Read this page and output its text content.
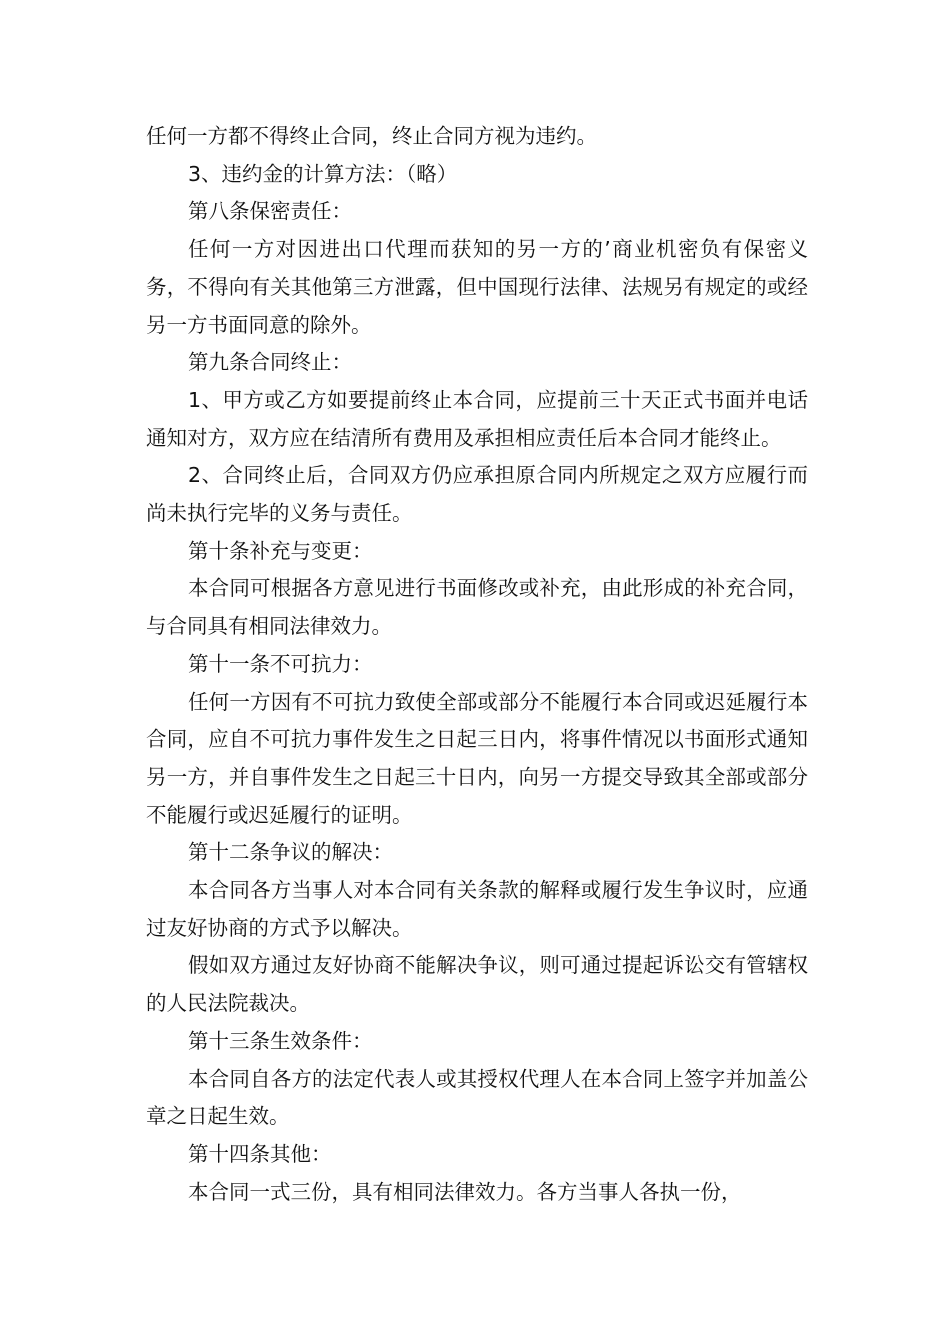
任何一方都不得终止合同，终止合同方视为违约。

3、违约金的计算方法：（略）

第八条保密责任：

任何一方对因进出口代理而获知的另一方的’商业机密负有保密义务，不得向有关其他第三方泄露，但中国现行法律、法规另有规定的或经另一方书面同意的除外。

第九条合同终止：

1、甲方或乙方如要提前终止本合同，应提前三十天正式书面并电话通知对方，双方应在结清所有费用及承担相应责任后本合同才能终止。

2、合同终止后，合同双方仍应承担原合同内所规定之双方应履行而尚未执行完毕的义务与责任。

第十条补充与变更：

本合同可根据各方意见进行书面修改或补充，由此形成的补充合同，与合同具有相同法律效力。

第十一条不可抗力：

任何一方因有不可抗力致使全部或部分不能履行本合同或迟延履行本合同，应自不可抗力事件发生之日起三日内，将事件情况以书面形式通知另一方，并自事件发生之日起三十日内，向另一方提交导致其全部或部分不能履行或迟延履行的证明。

第十二条争议的解决：

本合同各方当事人对本合同有关条款的解释或履行发生争议时，应通过友好协商的方式予以解决。

假如双方通过友好协商不能解决争议，则可通过提起诉讼交有管辖权的人民法院裁决。

第十三条生效条件：

本合同自各方的法定代表人或其授权代理人在本合同上签字并加盖公章之日起生效。

第十四条其他：

本合同一式三份，具有相同法律效力。各方当事人各执一份，
